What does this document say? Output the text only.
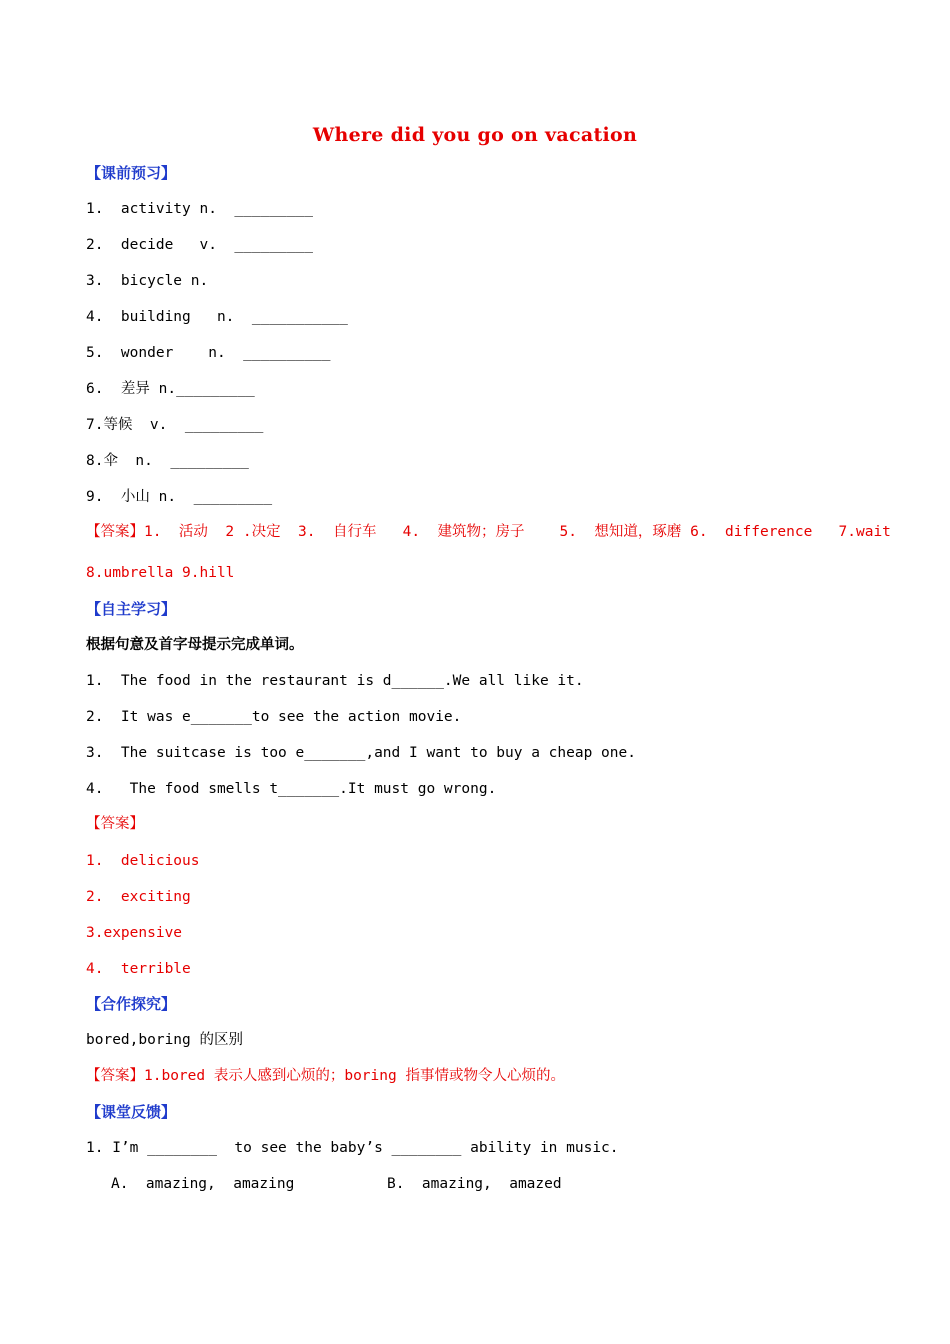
Where did you go on vacation
【课前预习】
1.  activity n.  _________
2.  decide   v.  _________
3.  bicycle n.
4.  building   n.  ___________
5.  wonder    n.  __________
6.  差异 n._________
7.等候  v.  _________
8.伞  n.  _________
9.  小山 n.  _________
【答案】1.  活动  2 .决定  3.  自行车   4.  建筑物；房子    5.  想知道，琢磨 6.  difference   7.wait
8.umbrella 9.hill
【自主学习】
根据句意及首字母提示完成单词。
1.  The food in the restaurant is d______.We all like it.
2.  It was e_______to see the action movie.
3.  The suitcase is too e_______,and I want to buy a cheap one.
4.   The food smells t_______.It must go wrong.
【答案】
1.  delicious
2.  exciting
3.expensive
4.  terrible
【合作探究】
bored,boring 的区别
【答案】1.bored 表示人感到心烦的；boring 指事情或物令人心烦的。
【课堂反馈】
1. I’m ________  to see the baby’s ________ ability in music.
A.  amazing,  amazing	B.  amazing,  amazed
